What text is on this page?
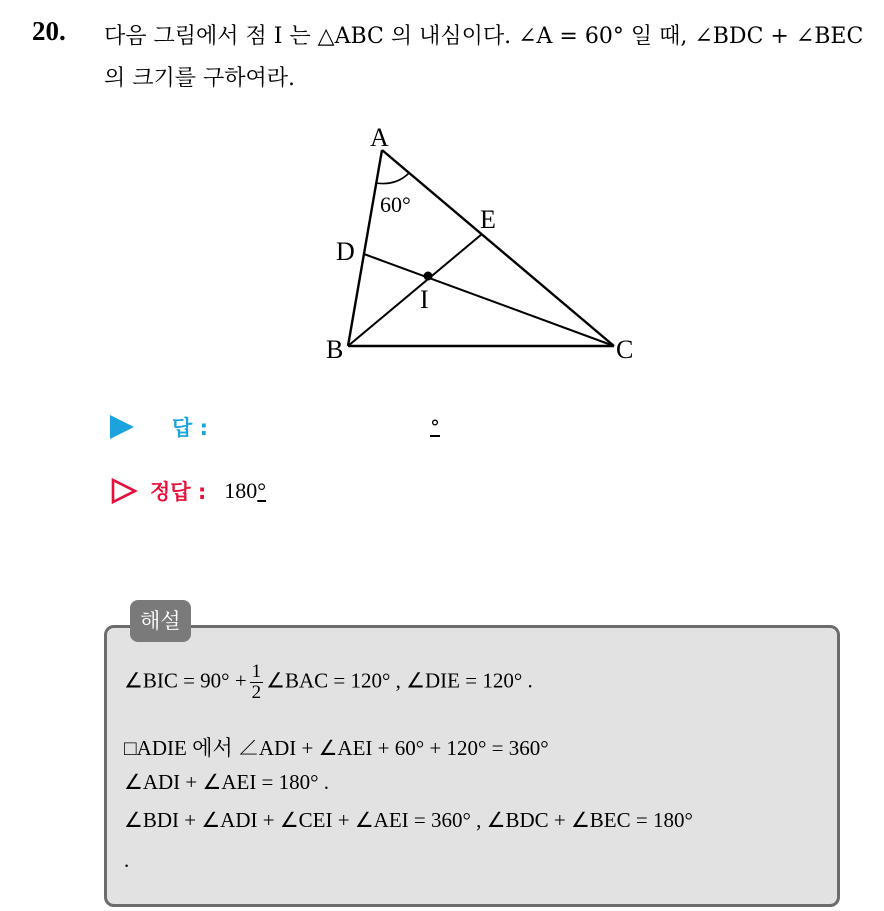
20. 다음 그림에서 점 I 는 △ABC 의 내심이다. ∠A = 60° 일 때, ∠BDC + ∠BEC 의 크기를 구하여라.
A
B	C
D
E
I
60°
답 :	°
정답 : 180°
해설
∠BIC = $90^\circ + \frac{1}{2}$ ∠BAC = 120° , ∠DIE = 120° .
□ADIE 에서 ∠ADI + ∠AEI + 60° + 120° = 360°
∠ADI + ∠AEI = 180° .
∠BDI + ∠ADI + ∠CEI + ∠AEI = 360° , ∠BDC + ∠BEC = 180°
.
